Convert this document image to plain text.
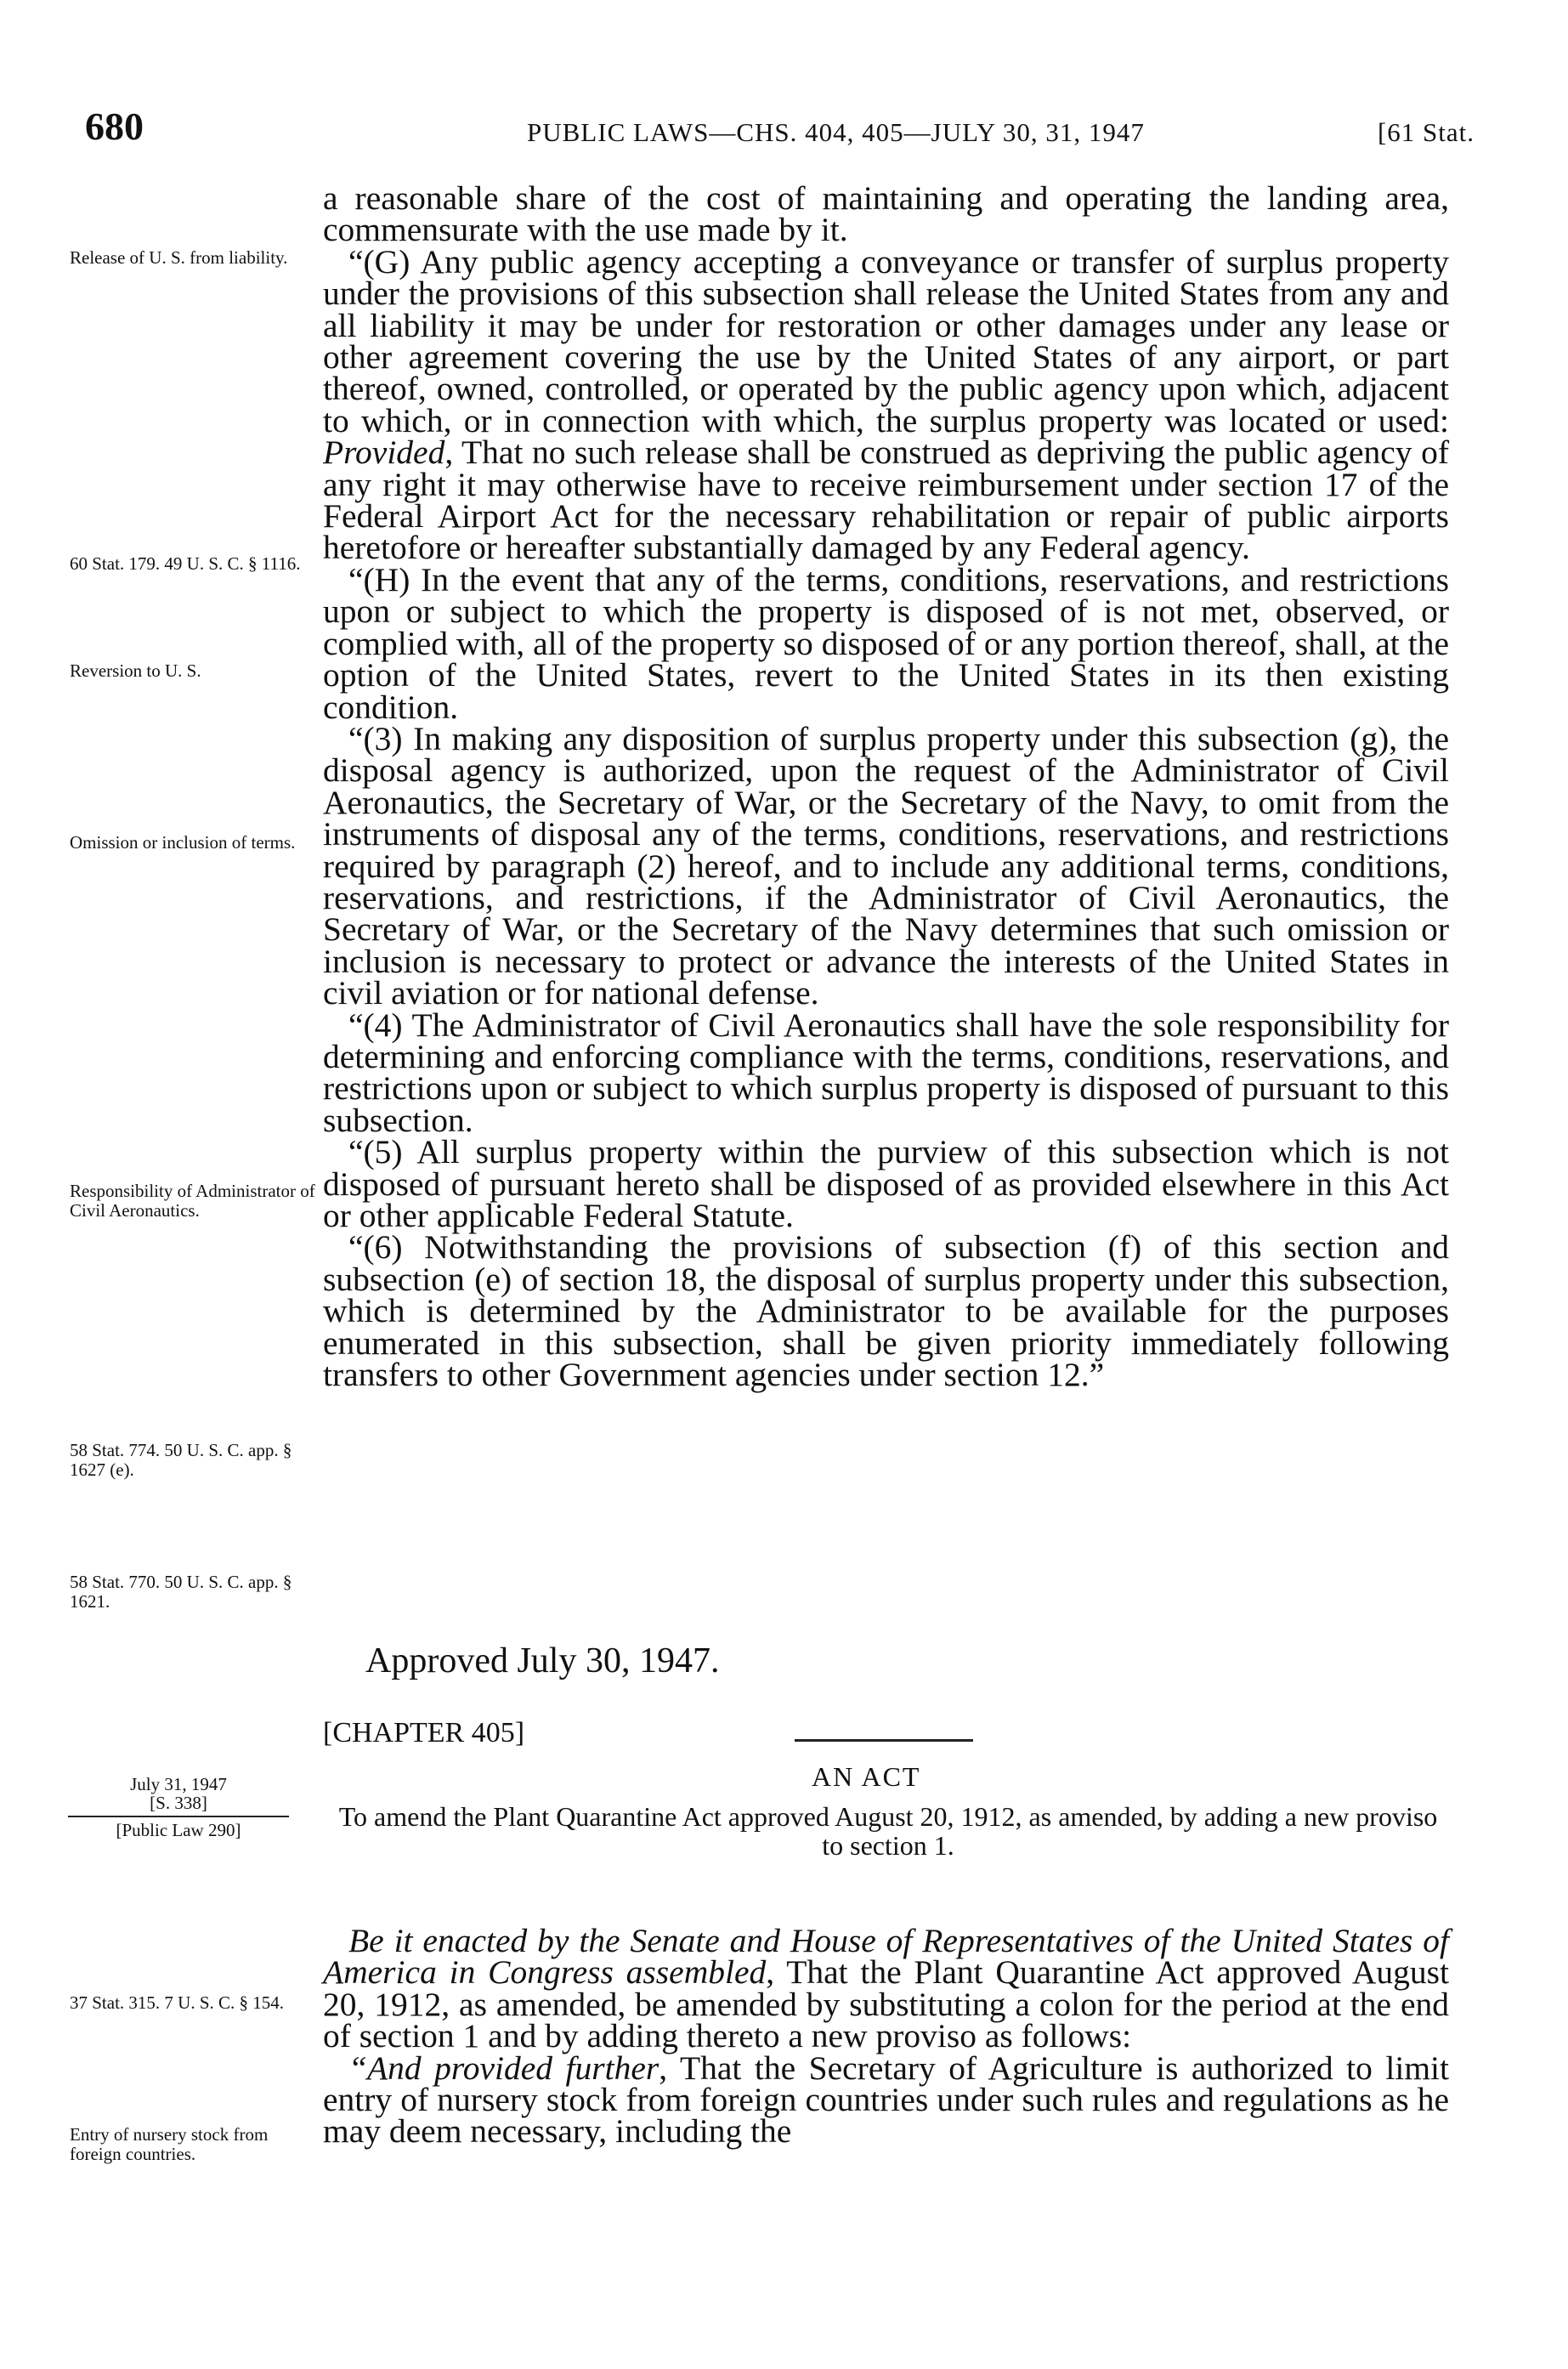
680	PUBLIC LAWS—CHS. 404, 405—JULY 30, 31, 1947	[61 Stat.
Release of U. S. from liability.
60 Stat. 179. 49 U. S. C. § 1116.
Reversion to U. S.
Omission or inclusion of terms.
Responsibility of Administrator of Civil Aeronautics.
58 Stat. 774. 50 U. S. C. app. § 1627 (e).
58 Stat. 770. 50 U. S. C. app. § 1621.

a reasonable share of the cost of maintaining and operating the landing area, commensurate with the use made by it.

“(G) Any public agency accepting a conveyance or transfer of surplus property under the provisions of this subsection shall release the United States from any and all liability it may be under for restoration or other damages under any lease or other agreement covering the use by the United States of any airport, or part thereof, owned, controlled, or operated by the public agency upon which, adjacent to which, or in connection with which, the surplus property was located or used: Provided, That no such release shall be construed as depriving the public agency of any right it may otherwise have to receive reimbursement under section 17 of the Federal Airport Act for the necessary rehabilitation or repair of public airports heretofore or hereafter substantially damaged by any Federal agency.

“(H) In the event that any of the terms, conditions, reservations, and restrictions upon or subject to which the property is disposed of is not met, observed, or complied with, all of the property so disposed of or any portion thereof, shall, at the option of the United States, revert to the United States in its then existing condition.

“(3) In making any disposition of surplus property under this subsection (g), the disposal agency is authorized, upon the request of the Administrator of Civil Aeronautics, the Secretary of War, or the Secretary of the Navy, to omit from the instruments of disposal any of the terms, conditions, reservations, and restrictions required by paragraph (2) hereof, and to include any additional terms, conditions, reservations, and restrictions, if the Administrator of Civil Aeronautics, the Secretary of War, or the Secretary of the Navy determines that such omission or inclusion is necessary to protect or advance the interests of the United States in civil aviation or for national defense.

“(4) The Administrator of Civil Aeronautics shall have the sole responsibility for determining and enforcing compliance with the terms, conditions, reservations, and restrictions upon or subject to which surplus property is disposed of pursuant to this subsection.

“(5) All surplus property within the purview of this subsection which is not disposed of pursuant hereto shall be disposed of as provided elsewhere in this Act or other applicable Federal Statute.

“(6) Notwithstanding the provisions of subsection (f) of this section and subsection (e) of section 18, the disposal of surplus property under this subsection, which is determined by the Administrator to be available for the purposes enumerated in this subsection, shall be given priority immediately following transfers to other Government agencies under section 12.”

Approved July 30, 1947.
[CHAPTER 405]
AN ACT
July 31, 1947
[S. 338]
[Public Law 290]	To amend the Plant Quarantine Act approved August 20, 1912, as amended, by adding a new proviso to section 1.
37 Stat. 315. 7 U. S. C. § 154.
Entry of nursery stock from foreign countries.

Be it enacted by the Senate and House of Representatives of the United States of America in Congress assembled, That the Plant Quarantine Act approved August 20, 1912, as amended, be amended by substituting a colon for the period at the end of section 1 and by adding thereto a new proviso as follows:

“And provided further, That the Secretary of Agriculture is authorized to limit entry of nursery stock from foreign countries under such rules and regulations as he may deem necessary, including the
